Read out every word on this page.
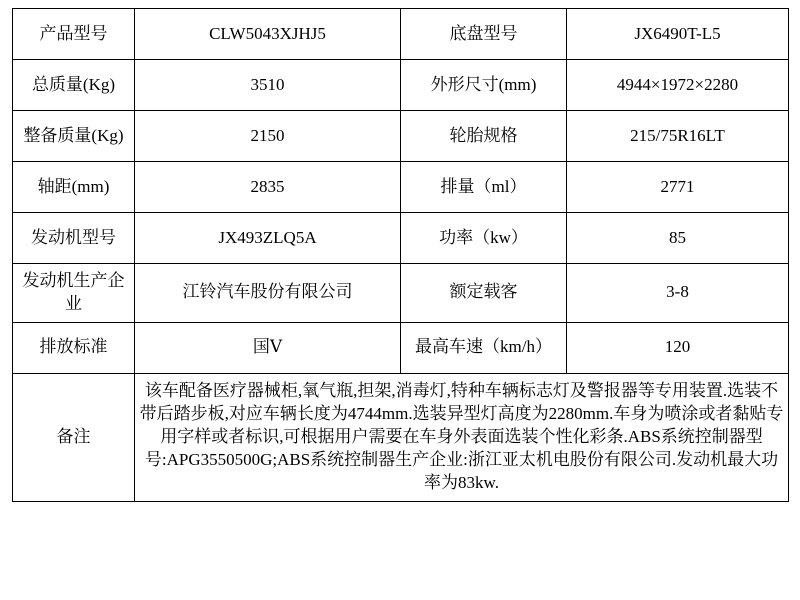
产品型号	CLW5043XJHJ5	底盘型号	JX6490T-L5
总质量(Kg)	3510	外形尺寸(mm)	4944×1972×2280
整备质量(Kg)	2150	轮胎规格	215/75R16LT
轴距(mm)	2835	排量（ml）	2771
发动机型号	JX493ZLQ5A	功率（kw）	85
发动机生产企业	江铃汽车股份有限公司	额定载客	3-8
排放标准	国Ⅴ	最高车速（km/h）	120
备注	该车配备医疗器械柜,氧气瓶,担架,消毒灯,特种车辆标志灯及警报器等专用装置.选装不带后踏步板,对应车辆长度为4744mm.选装异型灯高度为2280mm.车身为喷涂或者黏贴专用字样或者标识,可根据用户需要在车身外表面选装个性化彩条.ABS系统控制器型号:APG3550500G;ABS系统控制器生产企业:浙江亚太机电股份有限公司.发动机最大功率为83kw.		
